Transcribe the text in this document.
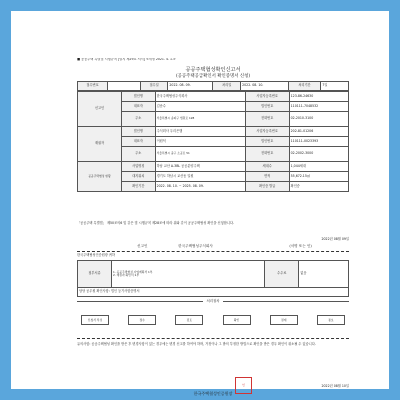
■ 공공주택 특별법 시행규칙 [별지 제29호 서식] <개정 2021. 4. 1.>
공공주택협성확인신고서
(공공주택공급확인서 확인증명서 신청)
접수번호		접수일	2022. 08. 09.	처리일	2022. 08. 10.	처리기간	7일
신고인	법인명	한국주택협성주식회사	사업자등록번호	123-86-24630
	대표자	김준수	법인번호	110111-7048532
	주소	서울특별시 송파구 법원로 128	전화번호	02-2010-3100
재권자	법인명	주식회사 우리은행	사업자등록번호	202-81-01206
	대표자	이원덕	법인번호	110111-0023393
	주소	서울특별시 중구 소공로 51	전화번호	02-2002-3000
공공주택협성 현황	사업명칭	하남 교산 A-3BL 공공분양주택	세대수	1,044세대
	대지위치	경기도 하남시 교산동 일원	면적	55,672.15㎡
	확인기간	2022. 08. 10. ~ 2025. 08. 09.	확인증 발급	확인증
「공공주택 특별법」 제50조의6 및 같은 법 시행규칙 제28조에 따라 위와 같이 공공주택협성 확인을 신청합니다.
2022년 08월 09일
신고인	한국주택협성주식회사	(서명 또는 인)
한국주택협성인증원장 귀하
첨부서류	1. 공공주택협성 사업계획서 1부
2. 재권자 확인서 1부	수수료	없음
담당 공무원 확인사항: 법인 등기사항증명서
처리절차
신청서 작성	접수	검토	확인	결재	통보
유의사항: 공공주택협성 확인을 받은 후 변경사항이 있는 경우에는 변경 신고를 하여야 하며, 거짓이나 그 밖의 부정한 방법으로 확인을 받은 경우 확인이 취소될 수 있습니다.
2022년 08월 10일
한국주택협성인증원장
인
